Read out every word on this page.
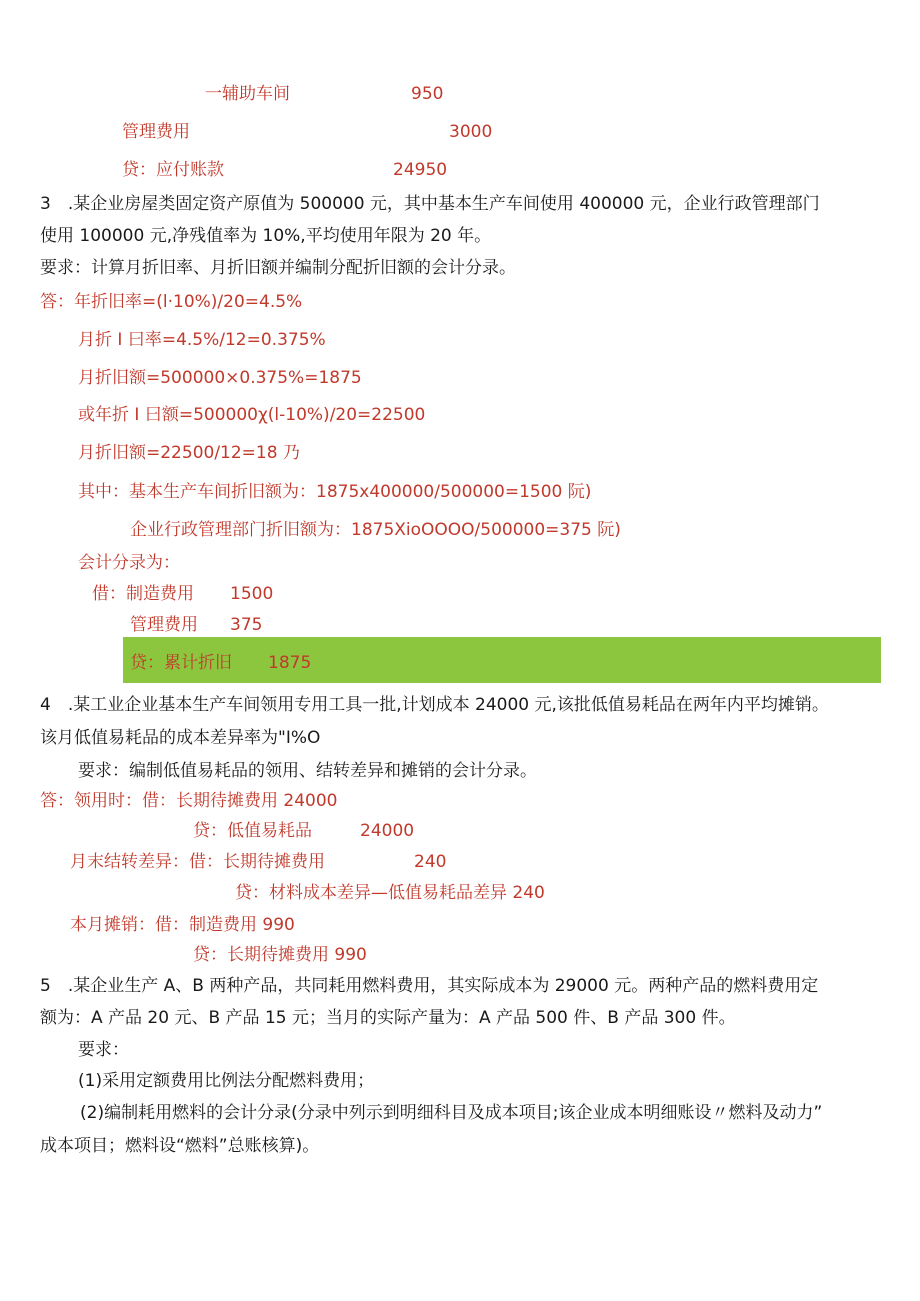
一辅助车间	950
管理费用	3000
贷：应付账款	24950
3　.某企业房屋类固定资产原值为 500000 元，其中基本生产车间使用 400000 元，企业行政管理部门
使用 100000 元,净残值率为 10%,平均使用年限为 20 年。
要求：计算月折旧率、月折旧额并编制分配折旧额的会计分录。
答：年折旧率=(l·10%)∕20=4.5%
月折 I 曰率=4.5%∕12=0.375%
月折旧额=500000×0.375%=1875
或年折 I 曰额=500000χ(l-10%)∕20=22500
月折旧额=22500/12=18 乃
其中：基本生产车间折旧额为：1875x400000/500000=1500 阮)
企业行政管理部门折旧额为：1875XioOOOO/500000=375 阮)
会计分录为：
借：制造费用 1500
管理费用 375
贷：累计折旧 1875
4　.某工业企业基本生产车间领用专用工具一批,计划成本 24000 元,该批低值易耗品在两年内平均摊销。
该月低值易耗品的成本差异率为"I%O
要求：编制低值易耗品的领用、结转差异和摊销的会计分录。
答：领用时：借：长期待摊费用 24000
贷：低值易耗品	24000
月末结转差异：借：长期待摊费用	240
贷：材料成本差异—低值易耗品差异 240
本月摊销：借：制造费用 990
贷：长期待摊费用 990
5　.某企业生产 A、B 两种产品，共同耗用燃料费用，其实际成本为 29000 元。两种产品的燃料费用定
额为：A 产品 20 元、B 产品 15 元；当月的实际产量为：A 产品 500 件、B 产品 300 件。
要求：
(1)采用定额费用比例法分配燃料费用；
(2)编制耗用燃料的会计分录(分录中列示到明细科目及成本项目;该企业成本明细账设〃燃料及动力”
成本项目；燃料设“燃料”总账核算)。
